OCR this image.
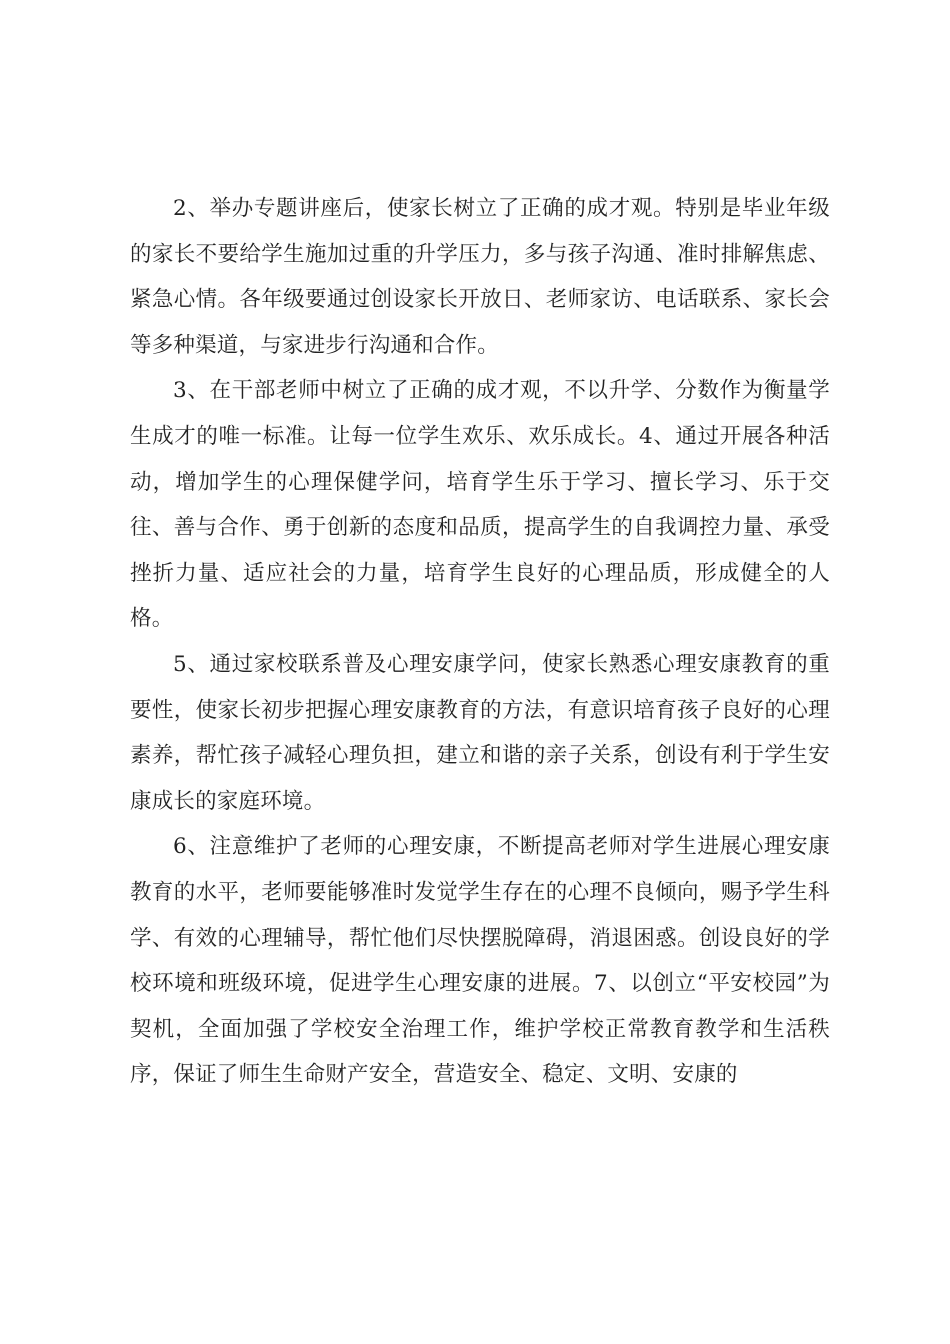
2、举办专题讲座后，使家长树立了正确的成才观。特别是毕业年级的家长不要给学生施加过重的升学压力，多与孩子沟通、准时排解焦虑、紧急心情。各年级要通过创设家长开放日、老师家访、电话联系、家长会等多种渠道，与家进步行沟通和合作。

3、在干部老师中树立了正确的成才观，不以升学、分数作为衡量学生成才的唯一标准。让每一位学生欢乐、欢乐成长。4、通过开展各种活动，增加学生的心理保健学问，培育学生乐于学习、擅长学习、乐于交往、善与合作、勇于创新的态度和品质，提高学生的自我调控力量、承受挫折力量、适应社会的力量，培育学生良好的心理品质，形成健全的人格。

5、通过家校联系普及心理安康学问，使家长熟悉心理安康教育的重要性，使家长初步把握心理安康教育的方法，有意识培育孩子良好的心理素养，帮忙孩子减轻心理负担，建立和谐的亲子关系，创设有利于学生安康成长的家庭环境。

6、注意维护了老师的心理安康，不断提高老师对学生进展心理安康教育的水平，老师要能够准时发觉学生存在的心理不良倾向，赐予学生科学、有效的心理辅导，帮忙他们尽快摆脱障碍，消退困惑。创设良好的学校环境和班级环境，促进学生心理安康的进展。7、以创立“平安校园”为契机，全面加强了学校安全治理工作，维护学校正常教育教学和生活秩序，保证了师生生命财产安全，营造安全、稳定、文明、安康的
